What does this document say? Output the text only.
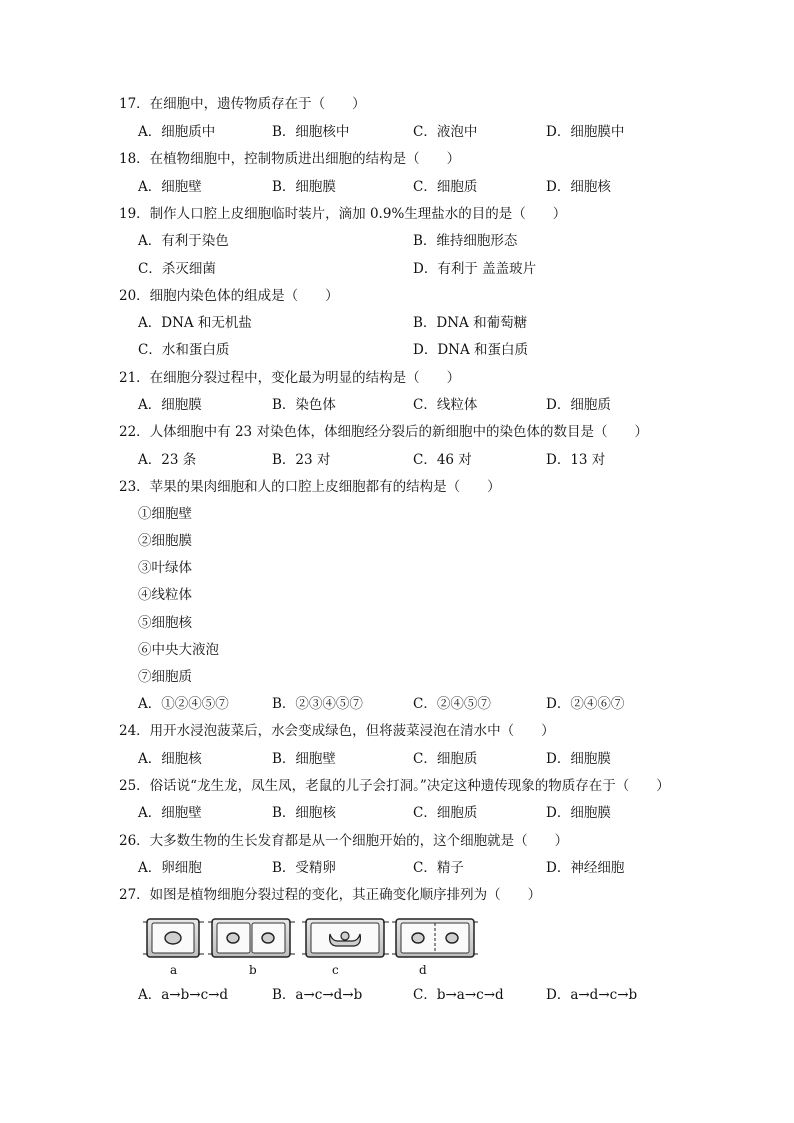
17．在细胞中，遗传物质存在于（　　）
A．细胞质中	B．细胞核中	C．液泡中	D．细胞膜中
18．在植物细胞中，控制物质进出细胞的结构是（　　）
A．细胞壁	B．细胞膜	C．细胞质	D．细胞核
19．制作人口腔上皮细胞临时装片，滴加 0.9%生理盐水的目的是（　　）
A．有利于染色	B．维持细胞形态
C．杀灭细菌	D．有利于 盖盖玻片
20．细胞内染色体的组成是（　　）
A．DNA 和无机盐	B．DNA 和葡萄糖
C．水和蛋白质	D．DNA 和蛋白质
21．在细胞分裂过程中，变化最为明显的结构是（　　）
A．细胞膜	B．染色体	C．线粒体	D．细胞质
22．人体细胞中有 23 对染色体，体细胞经分裂后的新细胞中的染色体的数目是（　　）
A．23 条	B．23 对	C．46 对	D．13 对
23．苹果的果肉细胞和人的口腔上皮细胞都有的结构是（　　）
①细胞壁
②细胞膜
③叶绿体
④线粒体
⑤细胞核
⑥中央大液泡
⑦细胞质
A．①②④⑤⑦	B．②③④⑤⑦	C．②④⑤⑦	D．②④⑥⑦
24．用开水浸泡菠菜后，水会变成绿色，但将菠菜浸泡在清水中（　　）
A．细胞核	B．细胞壁	C．细胞质	D．细胞膜
25．俗话说“龙生龙，凤生凤，老鼠的儿子会打洞。”决定这种遗传现象的物质存在于（　　）
A．细胞壁	B．细胞核	C．细胞质	D．细胞膜
26．大多数生物的生长发育都是从一个细胞开始的，这个细胞就是（　　）
A．卵细胞	B．受精卵	C．精子	D．神经细胞
27．如图是植物细胞分裂过程的变化，其正确变化顺序排列为（　　）
a	b	c	d
A．a→b→c→d	B．a→c→d→b	C．b→a→c→d	D．a→d→c→b
